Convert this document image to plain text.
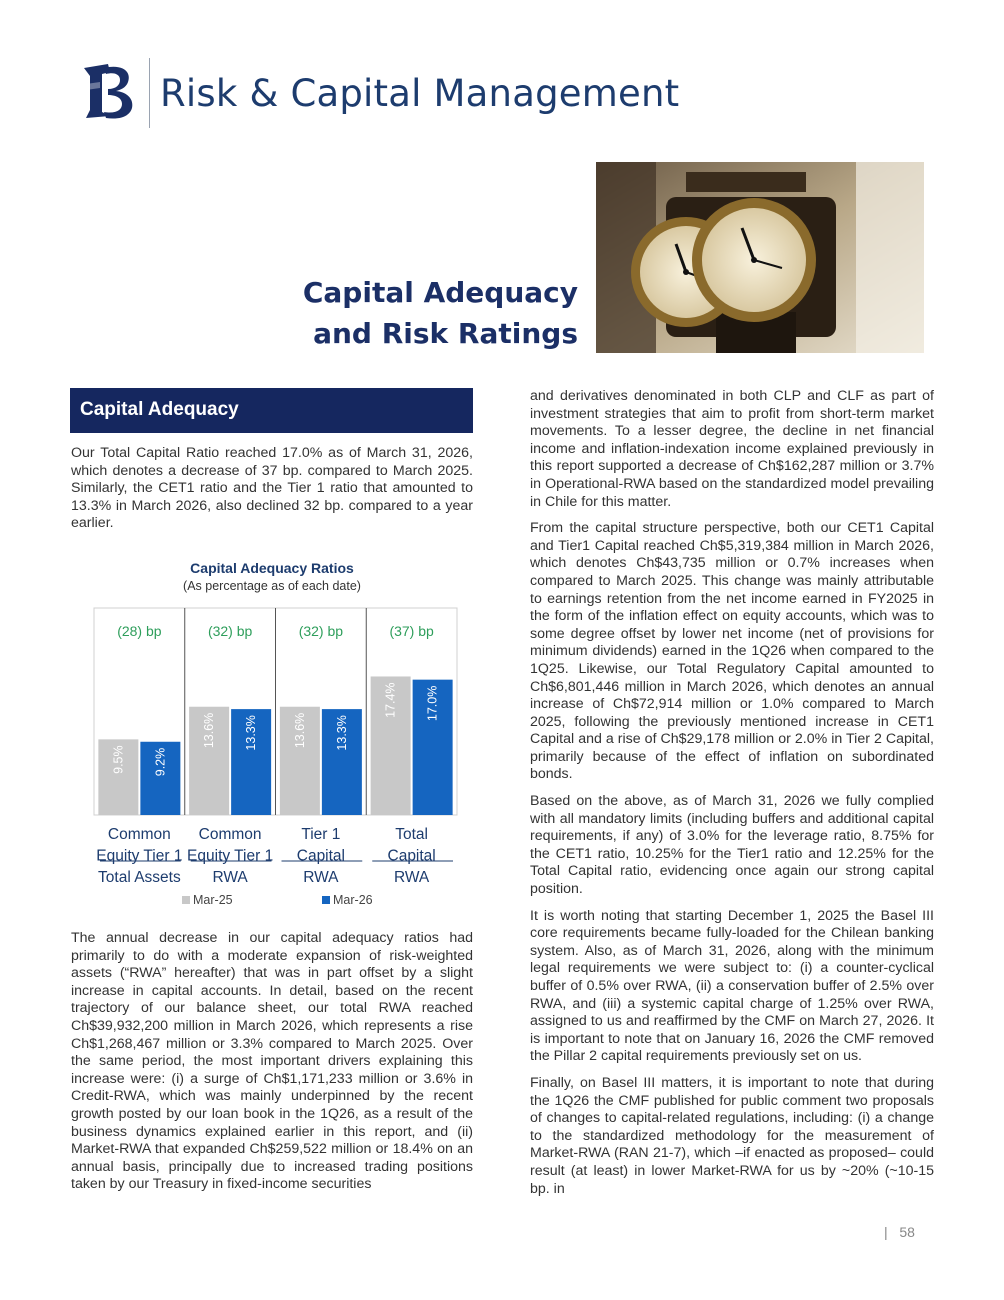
Risk & Capital Management
Capital Adequacy
and Risk Ratings
Capital Adequacy

Our Total Capital Ratio reached 17.0% as of March 31, 2026, which denotes a decrease of 37 bp. compared to March 2025. Similarly, the CET1 ratio and the Tier 1 ratio that amounted to 13.3% in March 2026, also declined 32 bp. compared to a year earlier.

Capital Adequacy Ratios
(As percentage as of each date)
9.5% 9.2%
(28) bp
Common
Equity Tier 1
Total Assets
13.6% 13.3%
(32) bp
Common
Equity Tier 1
RWA
13.6% 13.3%
(32) bp
Tier 1
Capital
RWA
17.4% 17.0%
(37) bp
Total
Capital
RWA
Mar-25	Mar-26

The annual decrease in our capital adequacy ratios had primarily to do with a moderate expansion of risk-weighted assets (“RWA” hereafter) that was in part offset by a slight increase in capital accounts. In detail, based on the recent trajectory of our balance sheet, our total RWA reached Ch$39,932,200 million in March 2026, which represents a rise Ch$1,268,467 million or 3.3% compared to March 2025. Over the same period, the most important drivers explaining this increase were: (i) a surge of Ch$1,171,233 million or 3.6% in Credit-RWA, which was mainly underpinned by the recent growth posted by our loan book in the 1Q26, as a result of the business dynamics explained earlier in this report, and (ii) Market-RWA that expanded Ch$259,522 million or 18.4% on an annual basis, principally due to increased trading positions taken by our Treasury in fixed-income securities

and derivatives denominated in both CLP and CLF as part of investment strategies that aim to profit from short-term market movements. To a lesser degree, the decline in net financial income and inflation-indexation income explained previously in this report supported a decrease of Ch$162,287 million or 3.7% in Operational-RWA based on the standardized model prevailing in Chile for this matter.

From the capital structure perspective, both our CET1 Capital and Tier1 Capital reached Ch$5,319,384 million in March 2026, which denotes Ch$43,735 million or 0.7% increases when compared to March 2025. This change was mainly attributable to earnings retention from the net income earned in FY2025 in the form of the inflation effect on equity accounts, which was to some degree offset by lower net income (net of provisions for minimum dividends) earned in the 1Q26 when compared to the 1Q25. Likewise, our Total Regulatory Capital amounted to Ch$6,801,446 million in March 2026, which denotes an annual increase of Ch$72,914 million or 1.0% compared to March 2025, following the previously mentioned increase in CET1 Capital and a rise of Ch$29,178 million or 2.0% in Tier 2 Capital, primarily because of the effect of inflation on subordinated bonds.

Based on the above, as of March 31, 2026 we fully complied with all mandatory limits (including buffers and additional capital requirements, if any) of 3.0% for the leverage ratio, 8.75% for the CET1 ratio, 10.25% for the Tier1 ratio and 12.25% for the Total Capital ratio, evidencing once again our strong capital position.

It is worth noting that starting December 1, 2025 the Basel III core requirements became fully-loaded for the Chilean banking system. Also, as of March 31, 2026, along with the minimum legal requirements we were subject to: (i) a counter-cyclical buffer of 0.5% over RWA, (ii) a conservation buffer of 2.5% over RWA, and (iii) a systemic capital charge of 1.25% over RWA, assigned to us and reaffirmed by the CMF on March 27, 2026. It is important to note that on January 16, 2026 the CMF removed the Pillar 2 capital requirements previously set on us.

Finally, on Basel III matters, it is important to note that during the 1Q26 the CMF published for public comment two proposals of changes to capital-related regulations, including: (i) a change to the standardized methodology for the measurement of Market-RWA (RAN 21-7), which –if enacted as proposed– could result (at least) in lower Market-RWA for us by ~20% (~10-15 bp. in

|   58
